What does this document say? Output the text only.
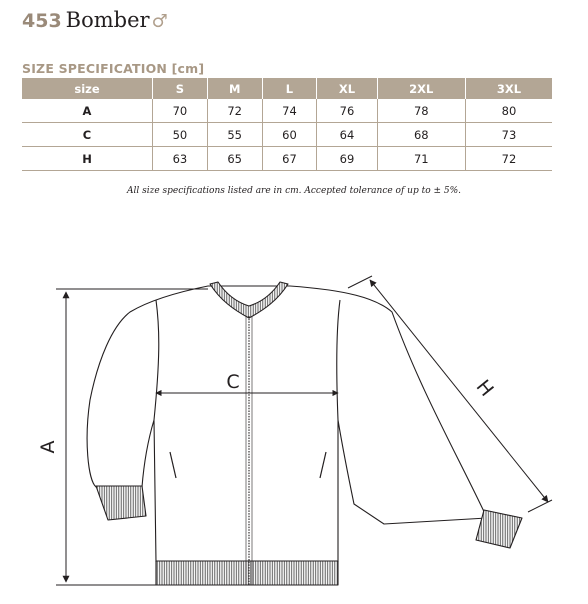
453 Bomber ♂
SIZE SPECIFICATION [cm]
size	S	M	L	XL	2XL	3XL
A	70	72	74	76	78	80
C	50	55	60	64	68	73
H	63	65	67	69	71	72
All size specifications listed are in cm. Accepted tolerance of up to ± 5%.
A
C	H
